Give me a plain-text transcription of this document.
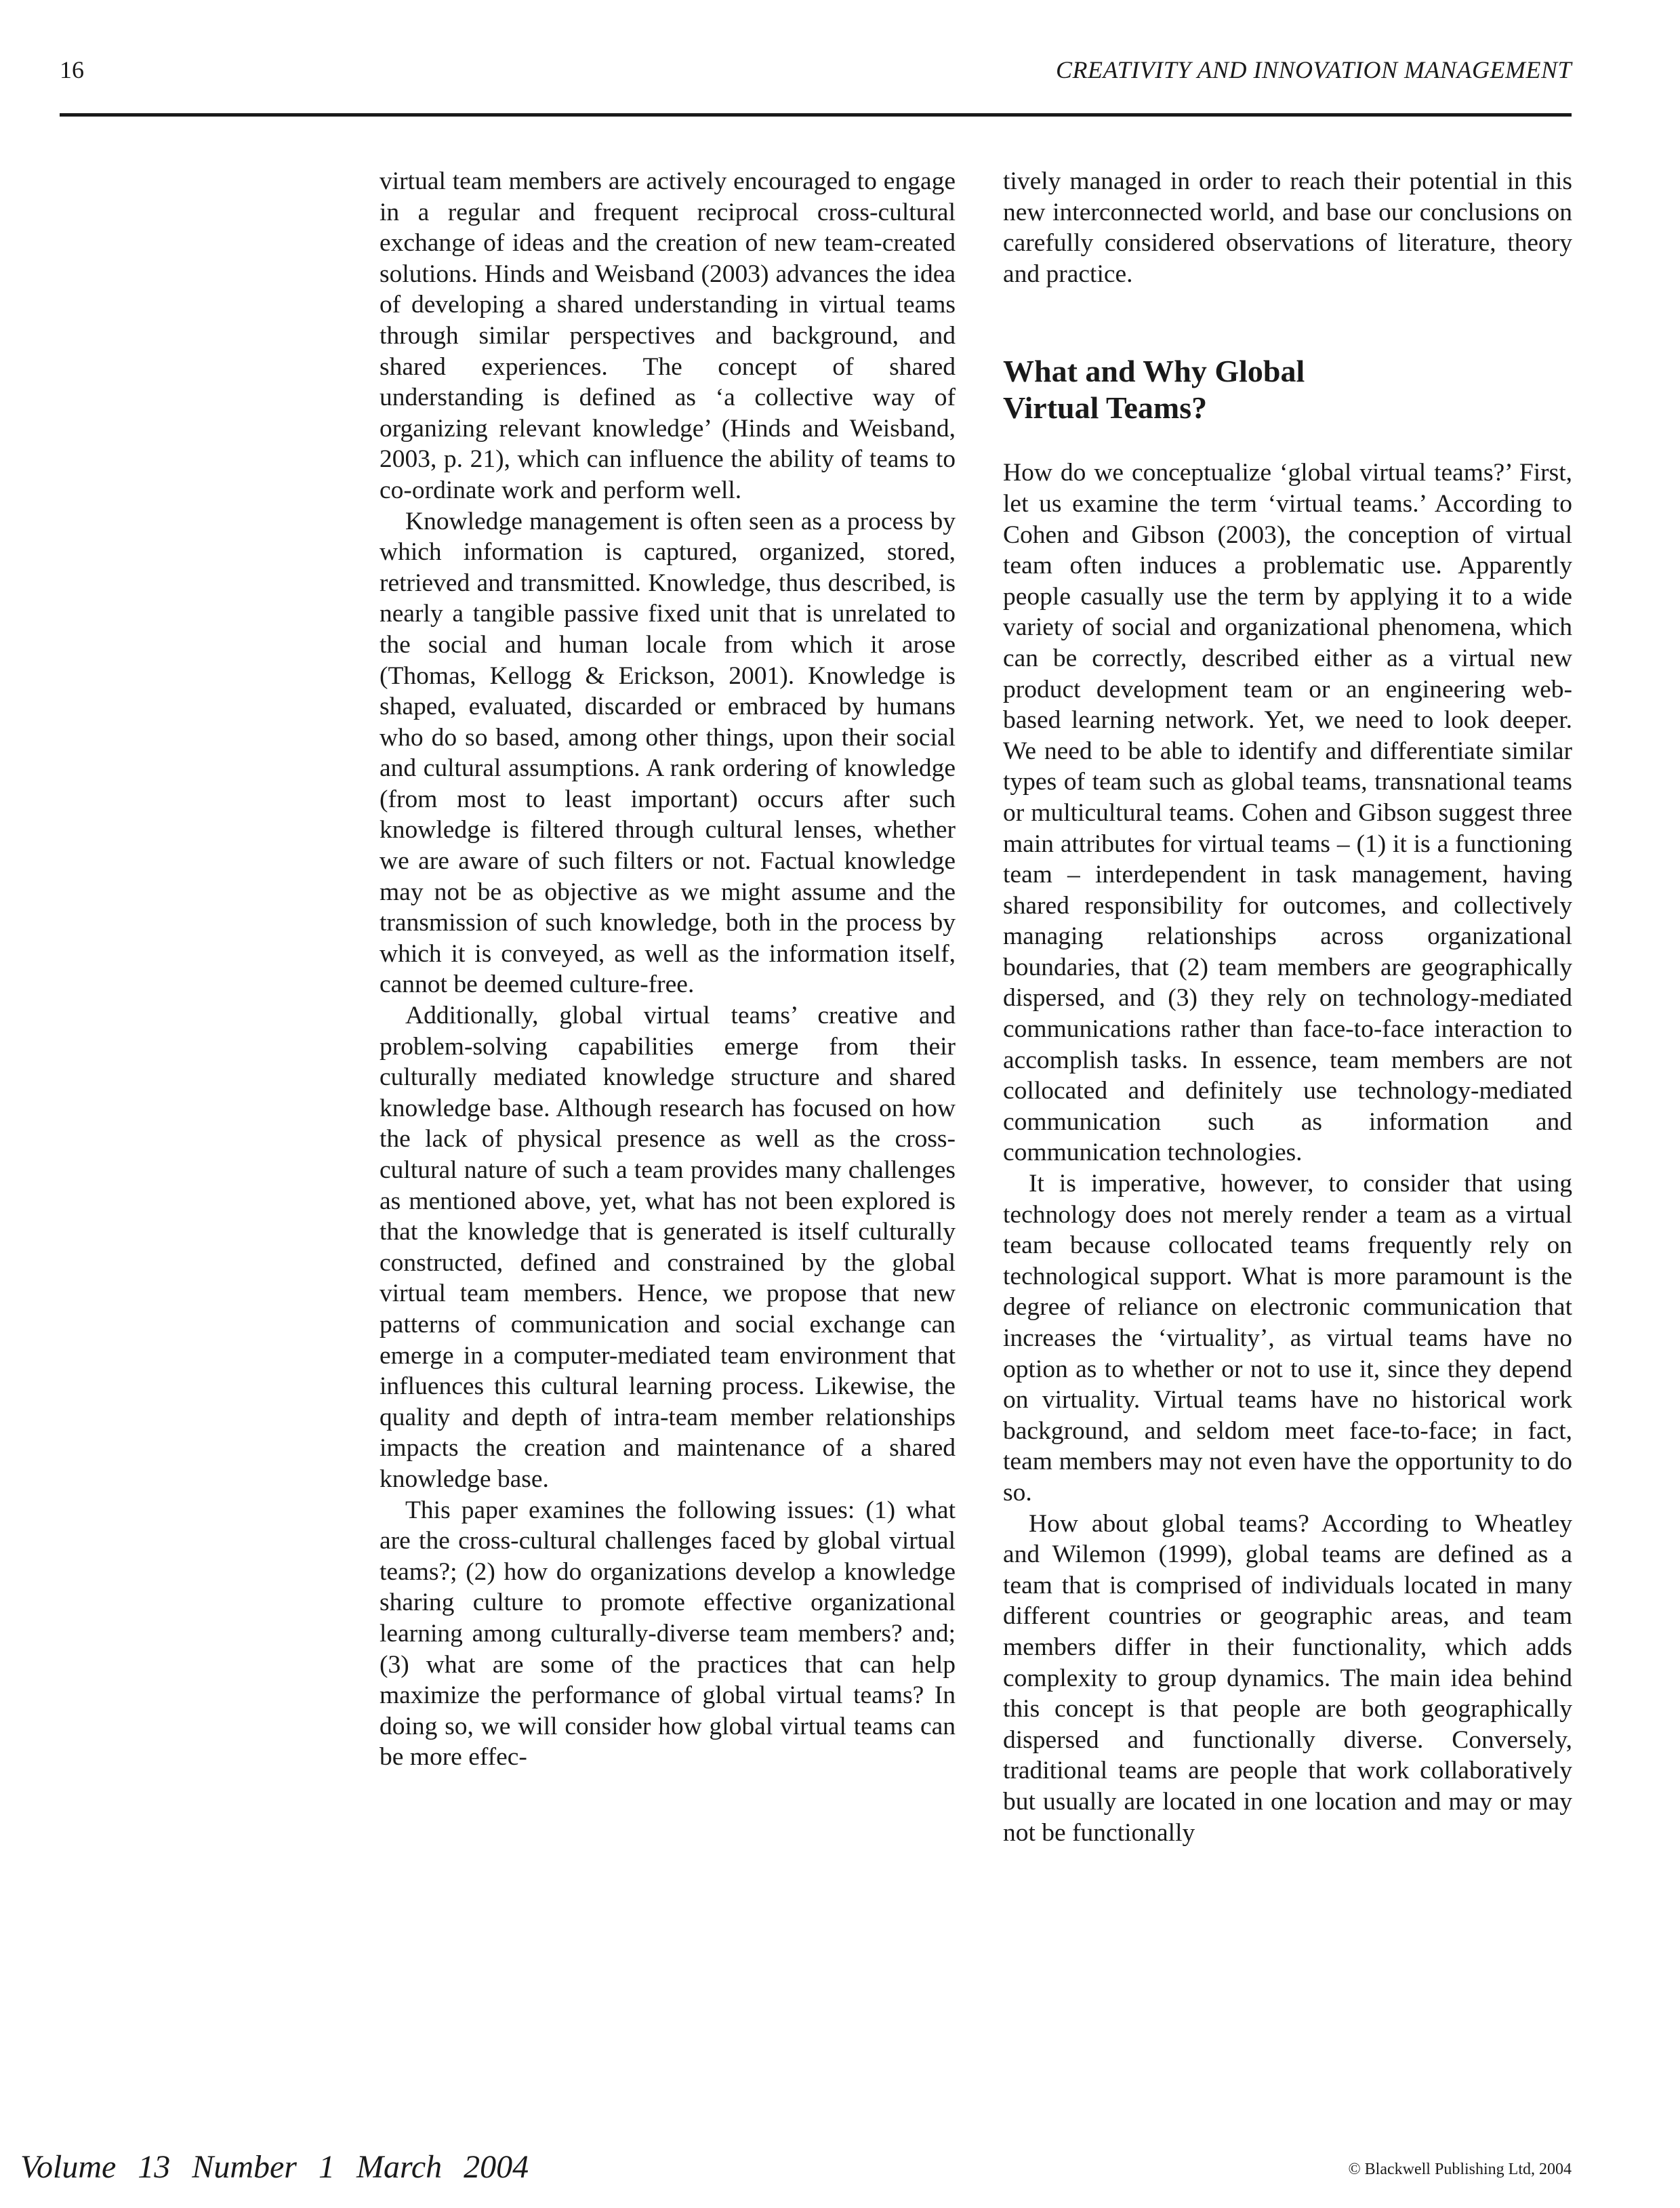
16	CREATIVITY AND INNOVATION MANAGEMENT

virtual team members are actively encouraged to engage in a regular and frequent reciprocal cross-cultural exchange of ideas and the creation of new team-created solutions. Hinds and Weisband (2003) advances the idea of developing a shared understanding in virtual teams through similar perspectives and background, and shared experiences. The concept of shared understanding is defined as ‘a collective way of organizing relevant knowledge’ (Hinds and Weisband, 2003, p. 21), which can influence the ability of teams to co-ordinate work and perform well.

Knowledge management is often seen as a process by which information is captured, organized, stored, retrieved and transmitted. Knowledge, thus described, is nearly a tangible passive fixed unit that is unrelated to the social and human locale from which it arose (Thomas, Kellogg & Erickson, 2001). Knowledge is shaped, evaluated, discarded or embraced by humans who do so based, among other things, upon their social and cultural assumptions. A rank ordering of knowledge (from most to least important) occurs after such knowledge is filtered through cultural lenses, whether we are aware of such filters or not. Factual knowledge may not be as objective as we might assume and the transmission of such knowledge, both in the process by which it is conveyed, as well as the information itself, cannot be deemed culture-free.

Additionally, global virtual teams’ creative and problem-solving capabilities emerge from their culturally mediated knowledge structure and shared knowledge base. Although research has focused on how the lack of physical presence as well as the cross-cultural nature of such a team provides many challenges as mentioned above, yet, what has not been explored is that the knowledge that is generated is itself culturally constructed, defined and constrained by the global virtual team members. Hence, we propose that new patterns of communication and social exchange can emerge in a computer-mediated team environment that influences this cultural learning process. Likewise, the quality and depth of intra-team member relationships impacts the creation and maintenance of a shared knowledge base.

This paper examines the following issues: (1) what are the cross-cultural challenges faced by global virtual teams?; (2) how do organizations develop a knowledge sharing culture to promote effective organizational learning among culturally-diverse team members? and; (3) what are some of the practices that can help maximize the performance of global virtual teams? In doing so, we will consider how global virtual teams can be more effec-

tively managed in order to reach their potential in this new interconnected world, and base our conclusions on carefully considered observations of literature, theory and practice.

What and Why Global
Virtual Teams?

How do we conceptualize ‘global virtual teams?’ First, let us examine the term ‘virtual teams.’ According to Cohen and Gibson (2003), the conception of virtual team often induces a problematic use. Apparently people casually use the term by applying it to a wide variety of social and organizational phenomena, which can be correctly, described either as a virtual new product development team or an engineering web-based learning network. Yet, we need to look deeper. We need to be able to identify and differentiate similar types of team such as global teams, transnational teams or multicultural teams. Cohen and Gibson suggest three main attributes for virtual teams – (1) it is a functioning team – interdependent in task management, having shared responsibility for outcomes, and collectively managing relationships across organizational boundaries, that (2) team members are geographically dispersed, and (3) they rely on technology-mediated communications rather than face-to-face interaction to accomplish tasks. In essence, team members are not collocated and definitely use technology-mediated communication such as information and communication technologies.

It is imperative, however, to consider that using technology does not merely render a team as a virtual team because collocated teams frequently rely on technological support. What is more paramount is the degree of reliance on electronic communication that increases the ‘virtuality’, as virtual teams have no option as to whether or not to use it, since they depend on virtuality. Virtual teams have no historical work background, and seldom meet face-to-face; in fact, team members may not even have the opportunity to do so.

How about global teams? According to Wheatley and Wilemon (1999), global teams are defined as a team that is comprised of individuals located in many different countries or geographic areas, and team members differ in their functionality, which adds complexity to group dynamics. The main idea behind this concept is that people are both geographically dispersed and functionally diverse. Conversely, traditional teams are people that work collaboratively but usually are located in one location and may or may not be functionally

Volume 13 Number 1 March 2004	© Blackwell Publishing Ltd, 2004
